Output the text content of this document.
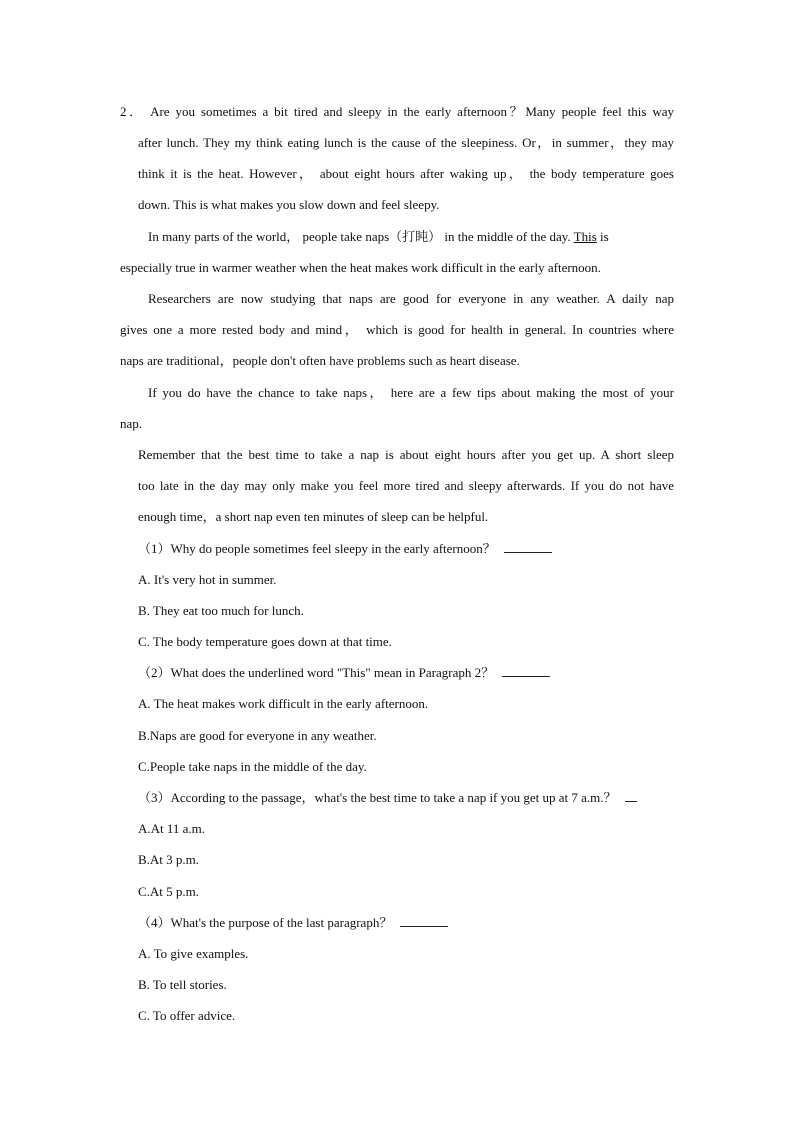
2． Are you sometimes a bit tired and sleepy in the early afternoon？Many people feel this way
after lunch. They my think eating lunch is the cause of the sleepiness. Or，in summer，they may
think it is the heat. However， about eight hours after waking up， the body temperature goes
down. This is what makes you slow down and feel sleepy.
In many parts of the world， people take naps（打盹） in the middle of the day. This is
especially true in warmer weather when the heat makes work difficult in the early afternoon.
Researchers are now studying that naps are good for everyone in any weather. A daily nap
gives one a more rested body and mind， which is good for health in general. In countries where
naps are traditional，people don't often have problems such as heart disease.
If you do have the chance to take naps， here are a few tips about making the most of your
nap.
Remember that the best time to take a nap is about eight hours after you get up. A short sleep
too late in the day may only make you feel more tired and sleepy afterwards. If you do not have
enough time，a short nap even ten minutes of sleep can be helpful.
（1）Why do people sometimes feel sleepy in the early afternoon？
A. It's very hot in summer.
B. They eat too much for lunch.
C. The body temperature goes down at that time.
（2）What does the underlined word "This" mean in Paragraph 2？
A. The heat makes work difficult in the early afternoon.
B.Naps are good for everyone in any weather.
C.People take naps in the middle of the day.
（3）According to the passage，what's the best time to take a nap if you get up at 7 a.m.？
A.At 11 a.m.
B.At 3 p.m.
C.At 5 p.m.
（4）What's the purpose of the last paragraph？
A. To give examples.
B. To tell stories.
C. To offer advice.
